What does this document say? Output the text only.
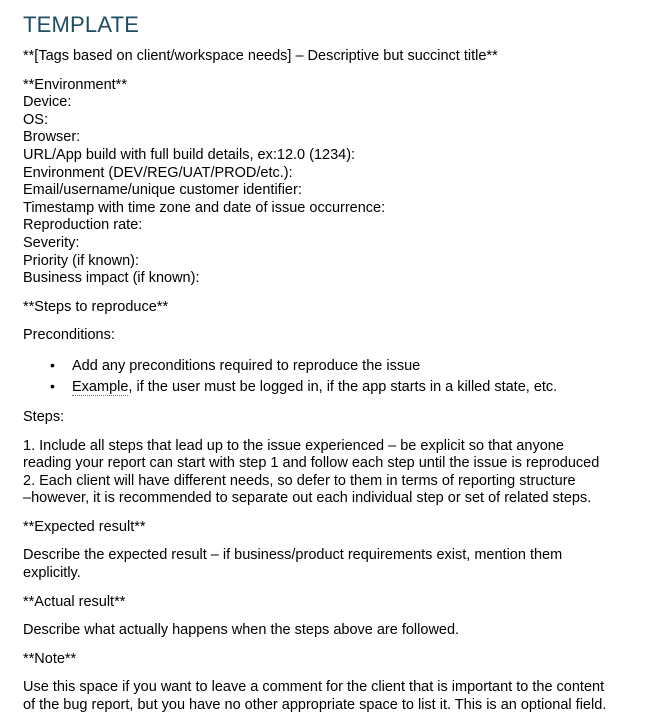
TEMPLATE

**[Tags based on client/workspace needs] – Descriptive but succinct title**

**Environment**
Device:
OS:
Browser:
URL/App build with full build details, ex:12.0 (1234):
Environment (DEV/REG/UAT/PROD/etc.):
Email/username/unique customer identifier:
Timestamp with time zone and date of issue occurrence:
Reproduction rate:
Severity:
Priority (if known):
Business impact (if known):

**Steps to reproduce**

Preconditions:

• Add any preconditions required to reproduce the issue
• Example, if the user must be logged in, if the app starts in a killed state, etc.

Steps:

1. Include all steps that lead up to the issue experienced – be explicit so that anyone
reading your report can start with step 1 and follow each step until the issue is reproduced
2. Each client will have different needs, so defer to them in terms of reporting structure
–however, it is recommended to separate out each individual step or set of related steps.

**Expected result**

Describe the expected result – if business/product requirements exist, mention them
explicitly.

**Actual result**

Describe what actually happens when the steps above are followed.

**Note**

Use this space if you want to leave a comment for the client that is important to the content
of the bug report, but you have no other appropriate space to list it. This is an optional field.
